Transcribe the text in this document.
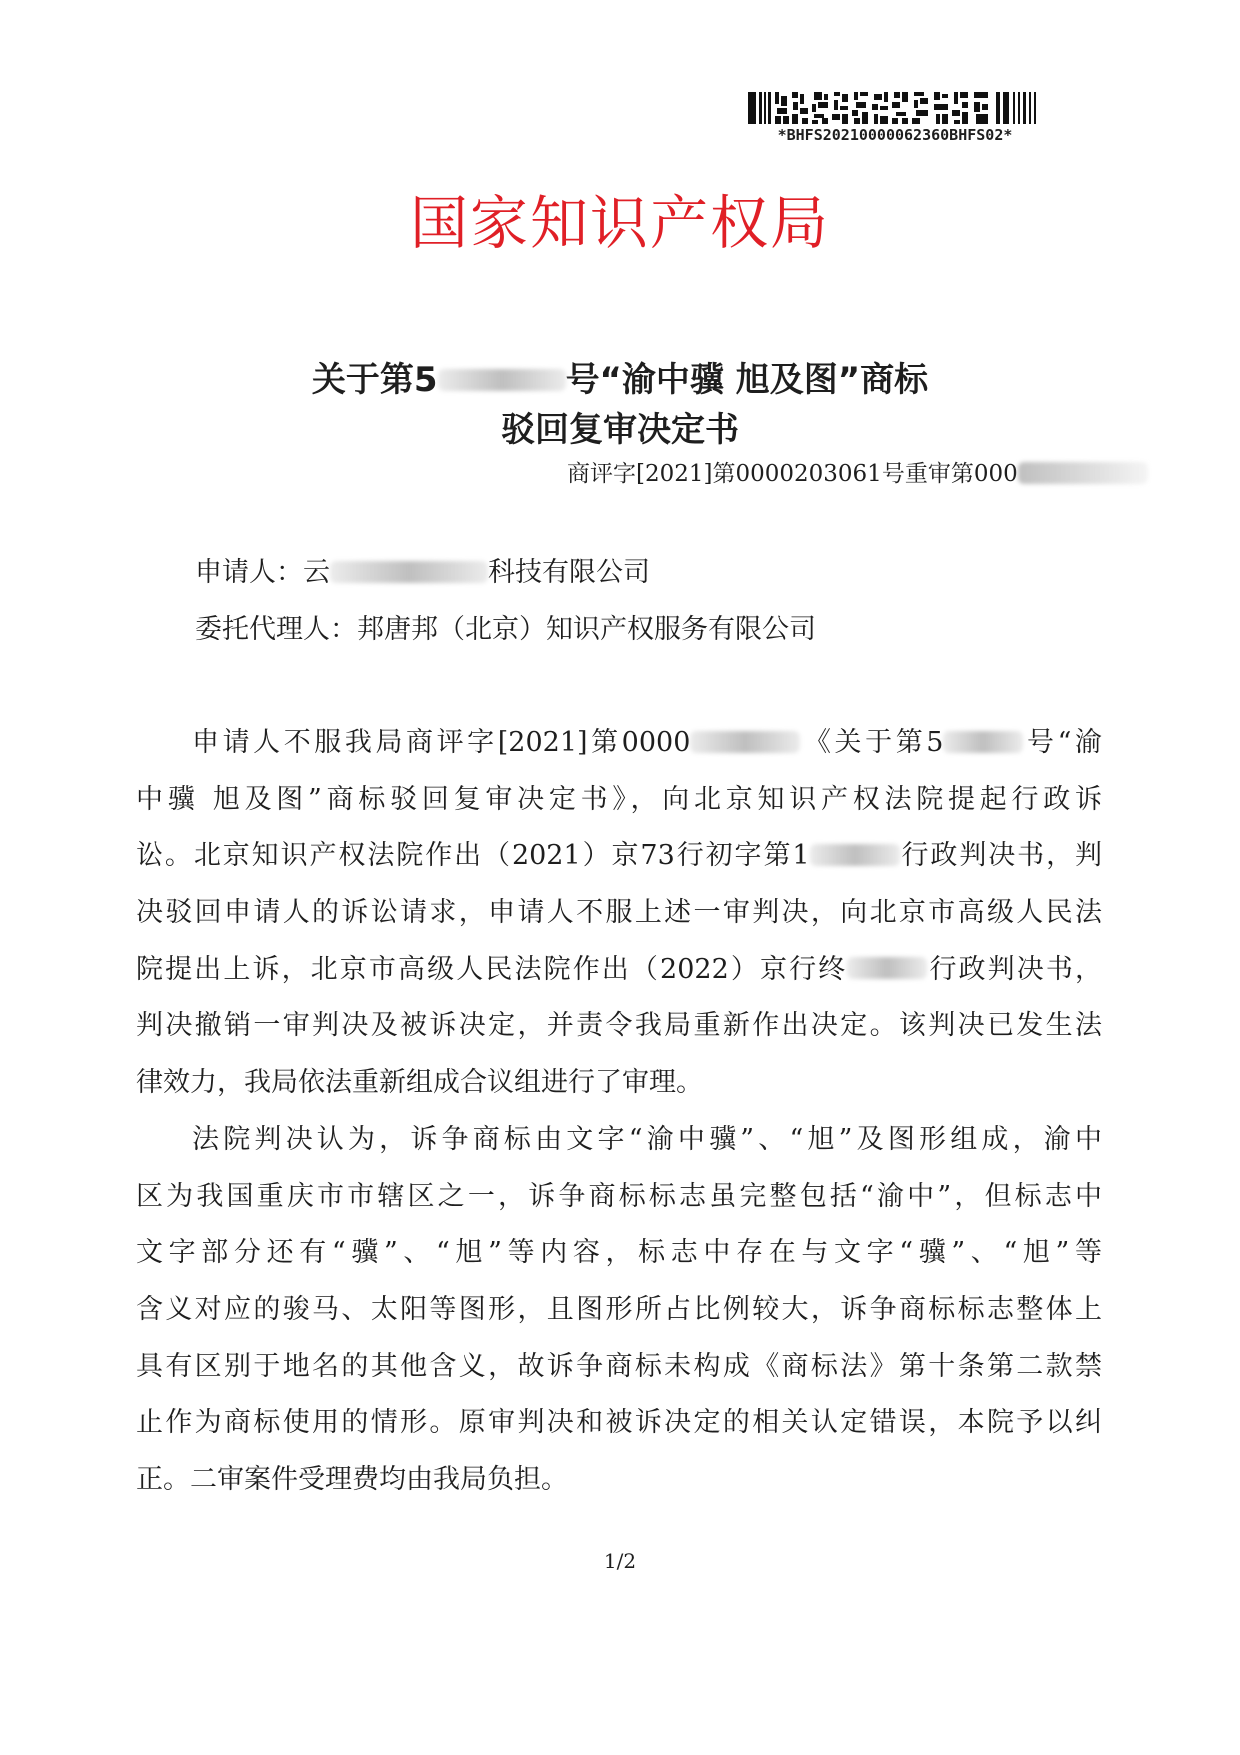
*BHFS20210000062360BHFS02*
国家知识产权局
关于第5	号“渝中骥 旭及图”商标
驳回复审决定书
商评字[2021]第0000203061号重审第000
申请人：云	科技有限公司
委托代理人：邦唐邦（北京）知识产权服务有限公司
申请人不服我局商评字[2021]第0000	《关于第5	号“渝
中骥 旭及图”商标驳回复审决定书》，向北京知识产权法院提起行政诉
讼。北京知识产权法院作出（2021）京73行初字第1	行政判决书，判
决驳回申请人的诉讼请求，申请人不服上述一审判决，向北京市高级人民法
院提出上诉，北京市高级人民法院作出（2022）京行终	行政判决书，
判决撤销一审判决及被诉决定，并责令我局重新作出决定。该判决已发生法
律效力，我局依法重新组成合议组进行了审理。
法院判决认为，诉争商标由文字“渝中骥”、“旭”及图形组成，渝中
区为我国重庆市市辖区之一，诉争商标标志虽完整包括“渝中”，但标志中
文字部分还有“骥”、“旭”等内容，标志中存在与文字“骥”、“旭”等
含义对应的骏马、太阳等图形，且图形所占比例较大，诉争商标标志整体上
具有区别于地名的其他含义，故诉争商标未构成《商标法》第十条第二款禁
止作为商标使用的情形。原审判决和被诉决定的相关认定错误，本院予以纠
正。二审案件受理费均由我局负担。
1/2
